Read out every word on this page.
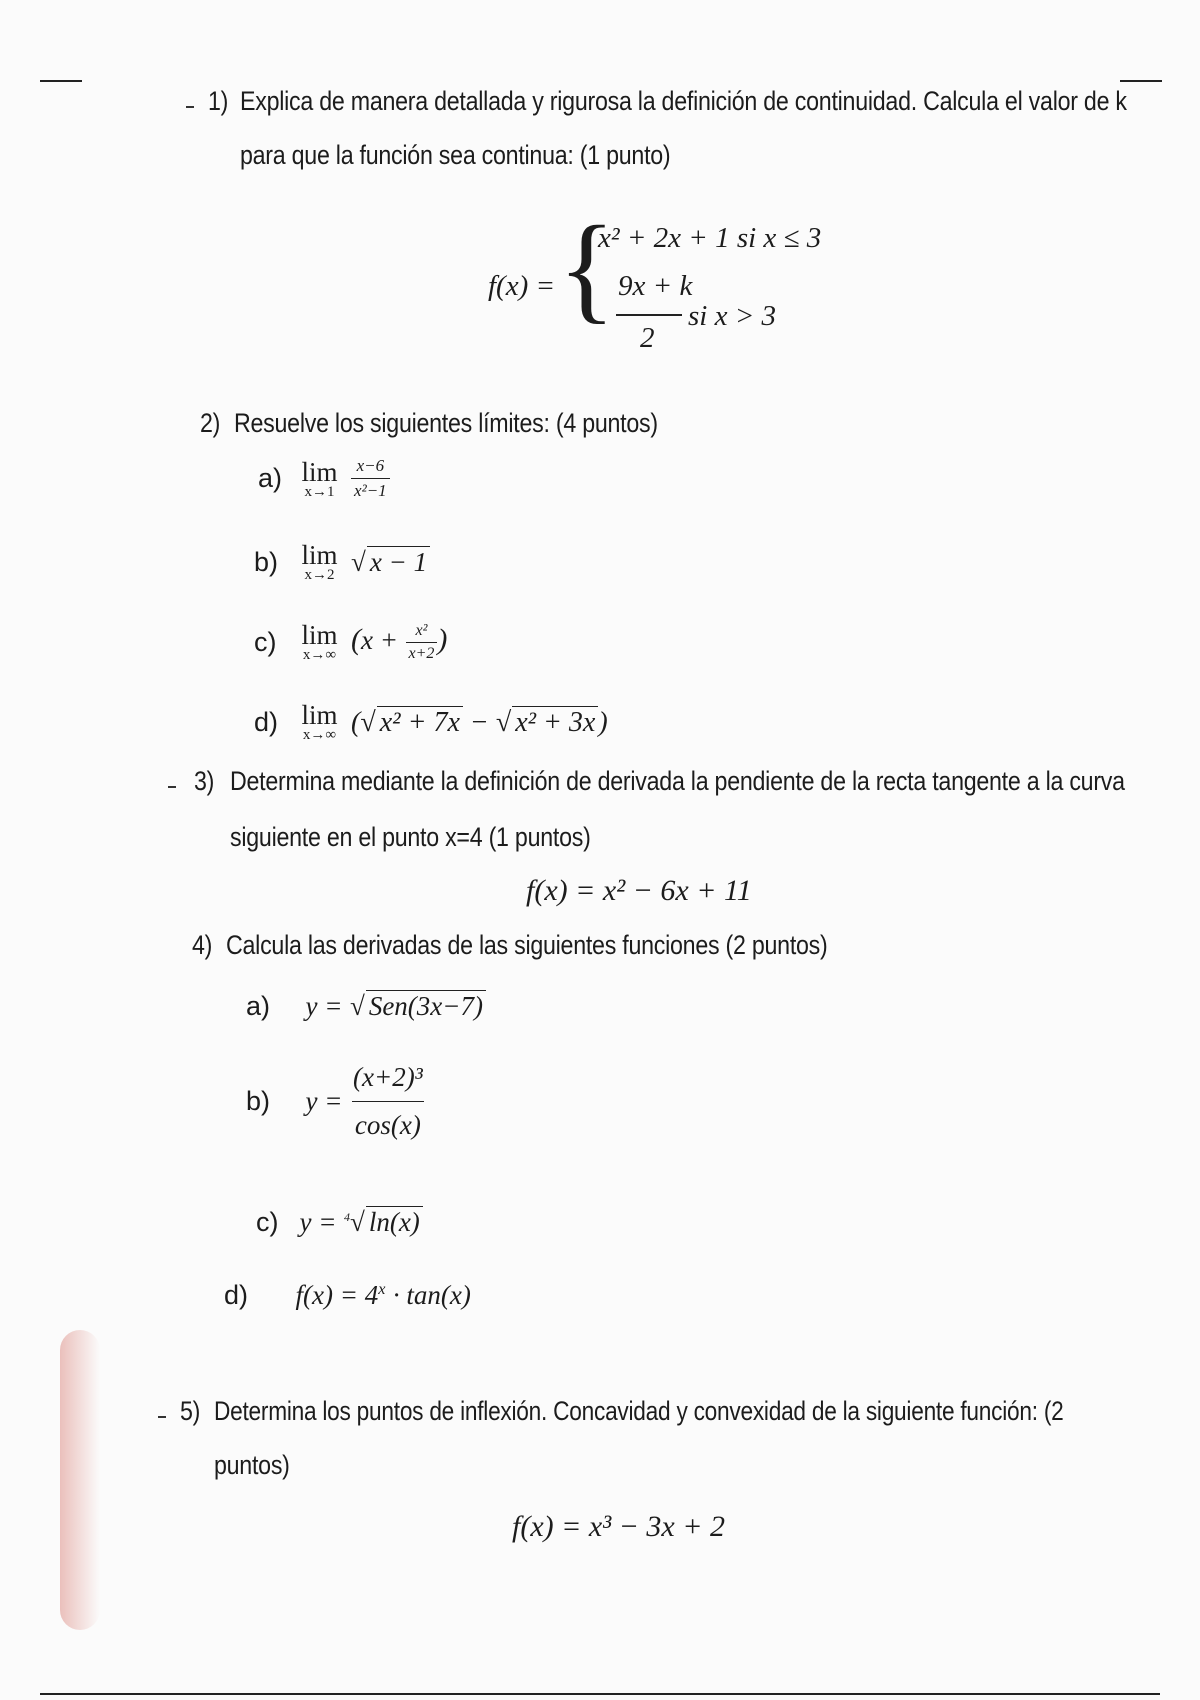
1) Explica de manera detallada y rigurosa la definición de continuidad. Calcula el valor de k
para que la función sea continua: (1 punto)
f(x) = {
x² + 2x + 1 si x ≤ 3
9x + k
2
si x > 3
2) Resuelve los siguientes límites: (4 puntos)
a) lim
x→1
$\frac{x-6}{\text{x²−1}}$
b) lim
x→2 √ x − 1
c) lim
x→∞ ($x + \frac{\text{x²}}{x+2}$ )
d) lim
x→∞ (√ x² + 7x − √ x² + 3x )
3) Determina mediante la definición de derivada la pendiente de la recta tangente a la curva
siguiente en el punto x=4 (1 puntos)
f(x) = x² − 6x + 11
4) Calcula las derivadas de las siguientes funciones (2 puntos)
a) y = √ Sen(3x−7)
b) $y = \frac{\text{(x+2)³}}{\cos(x)}$
c) y = $^4$√ ln(x)
d) $f(x) = 4^x \cdot \tan(x)$
5) Determina los puntos de inflexión. Concavidad y convexidad de la siguiente función: (2
puntos)
f(x) = x³ − 3x + 2
